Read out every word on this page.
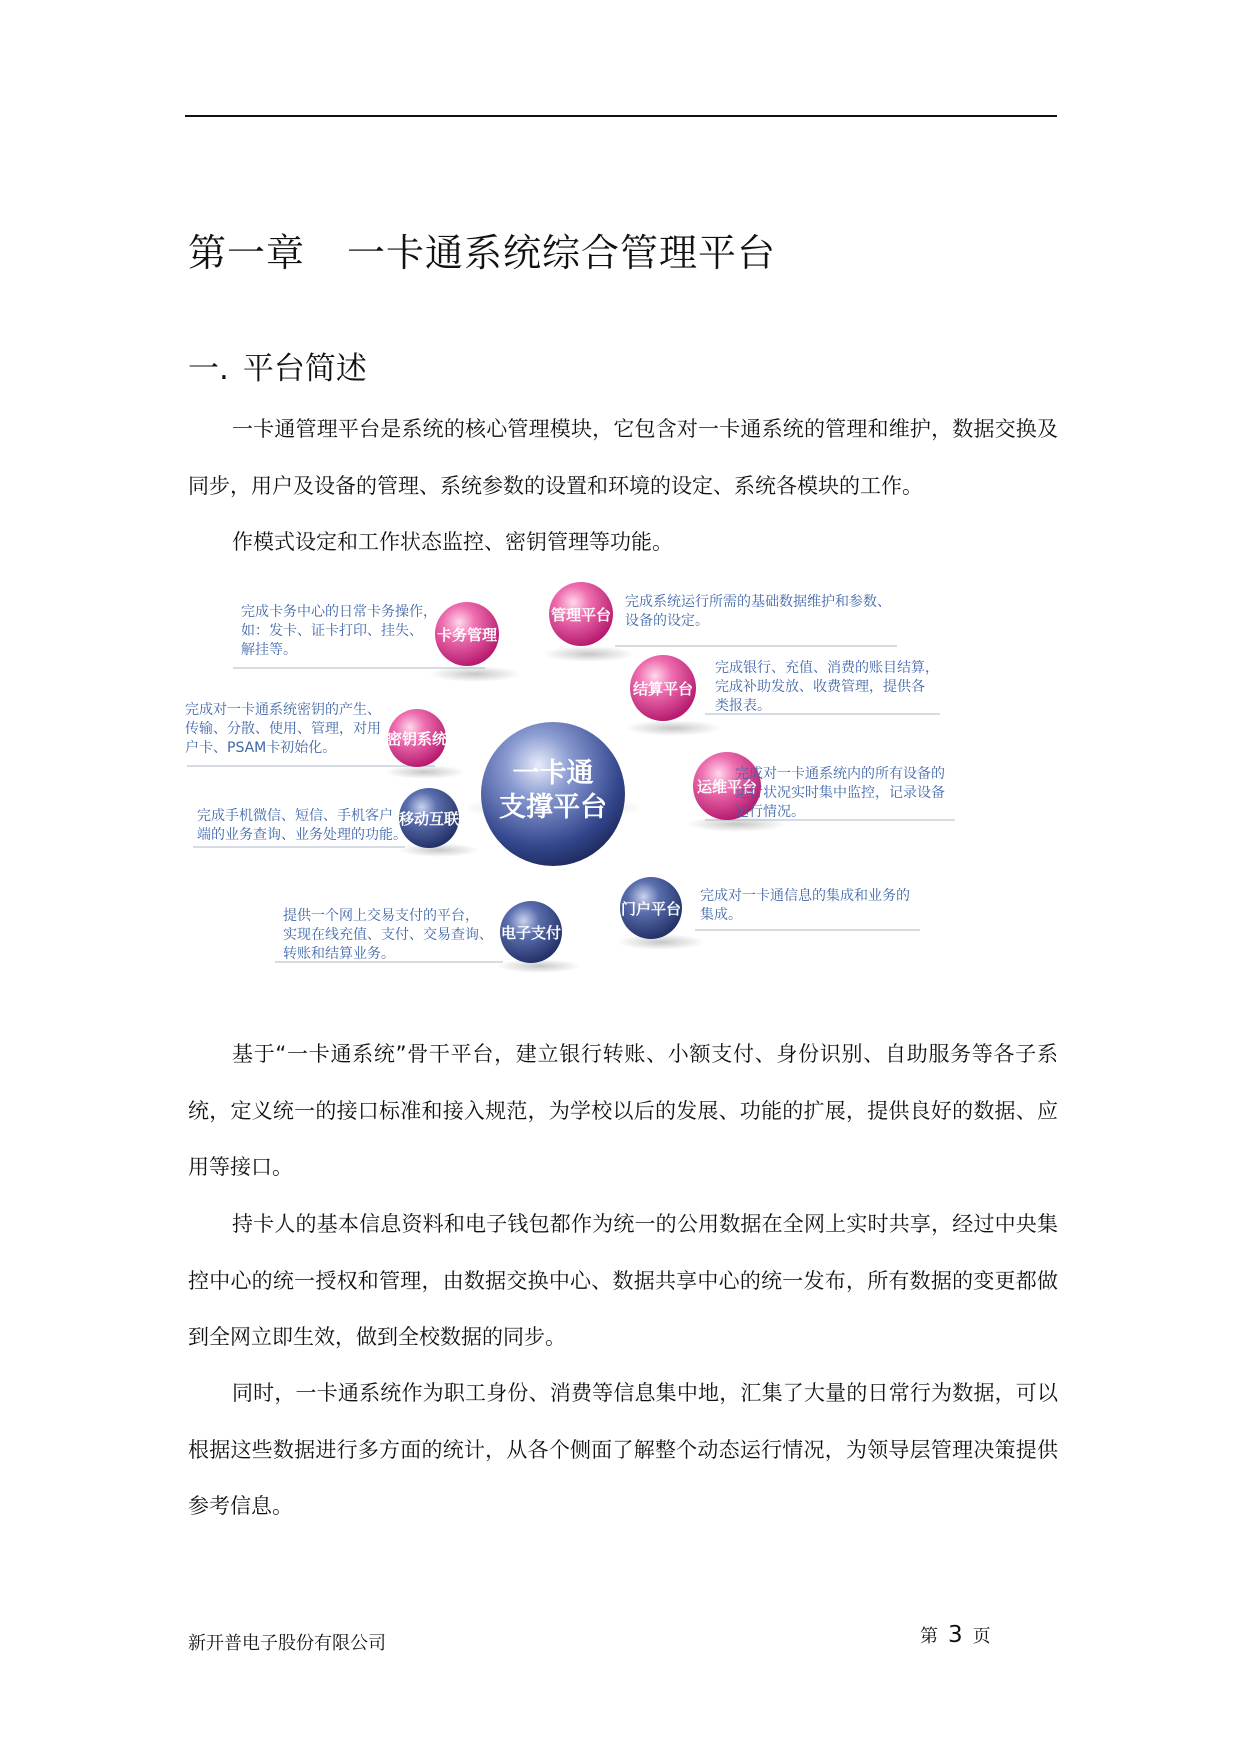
第一章 一卡通系统综合管理平台
一. 平台简述

一卡通管理平台是系统的核心管理模块，它包含对一卡通系统的管理和维护，数据交换及同步，用户及设备的管理、系统参数的设置和环境的设定、系统各模块的工作。

作模式设定和工作状态监控、密钥管理等功能。

一卡通
支撑平台
卡务管理
管理平台
密钥系统
结算平台
运维平台
移动互联
门户平台
电子支付
完成卡务中心的日常卡务操作，
如：发卡、证卡打印、挂失、
解挂等。
完成系统运行所需的基础数据维护和参数、
设备的设定。
完成对一卡通系统密钥的产生、
传输、分散、使用、管理，对用
户卡、PSAM卡初始化。
完成银行、充值、消费的账目结算，
完成补助发放、收费管理，提供各
类报表。
完成对一卡通系统内的所有设备的
运行状况实时集中监控，记录设备
运行情况。
完成手机微信、短信、手机客户
端的业务查询、业务处理的功能。
完成对一卡通信息的集成和业务的
集成。
提供一个网上交易支付的平台，
实现在线充值、支付、交易查询、
转账和结算业务。

基于“一卡通系统”骨干平台，建立银行转账、小额支付、身份识别、自助服务等各子系统，定义统一的接口标准和接入规范，为学校以后的发展、功能的扩展，提供良好的数据、应用等接口。

持卡人的基本信息资料和电子钱包都作为统一的公用数据在全网上实时共享，经过中央集控中心的统一授权和管理，由数据交换中心、数据共享中心的统一发布，所有数据的变更都做到全网立即生效，做到全校数据的同步。

同时，一卡通系统作为职工身份、消费等信息集中地，汇集了大量的日常行为数据，可以根据这些数据进行多方面的统计，从各个侧面了解整个动态运行情况，为领导层管理决策提供参考信息。

新开普电子股份有限公司	第 3 页
